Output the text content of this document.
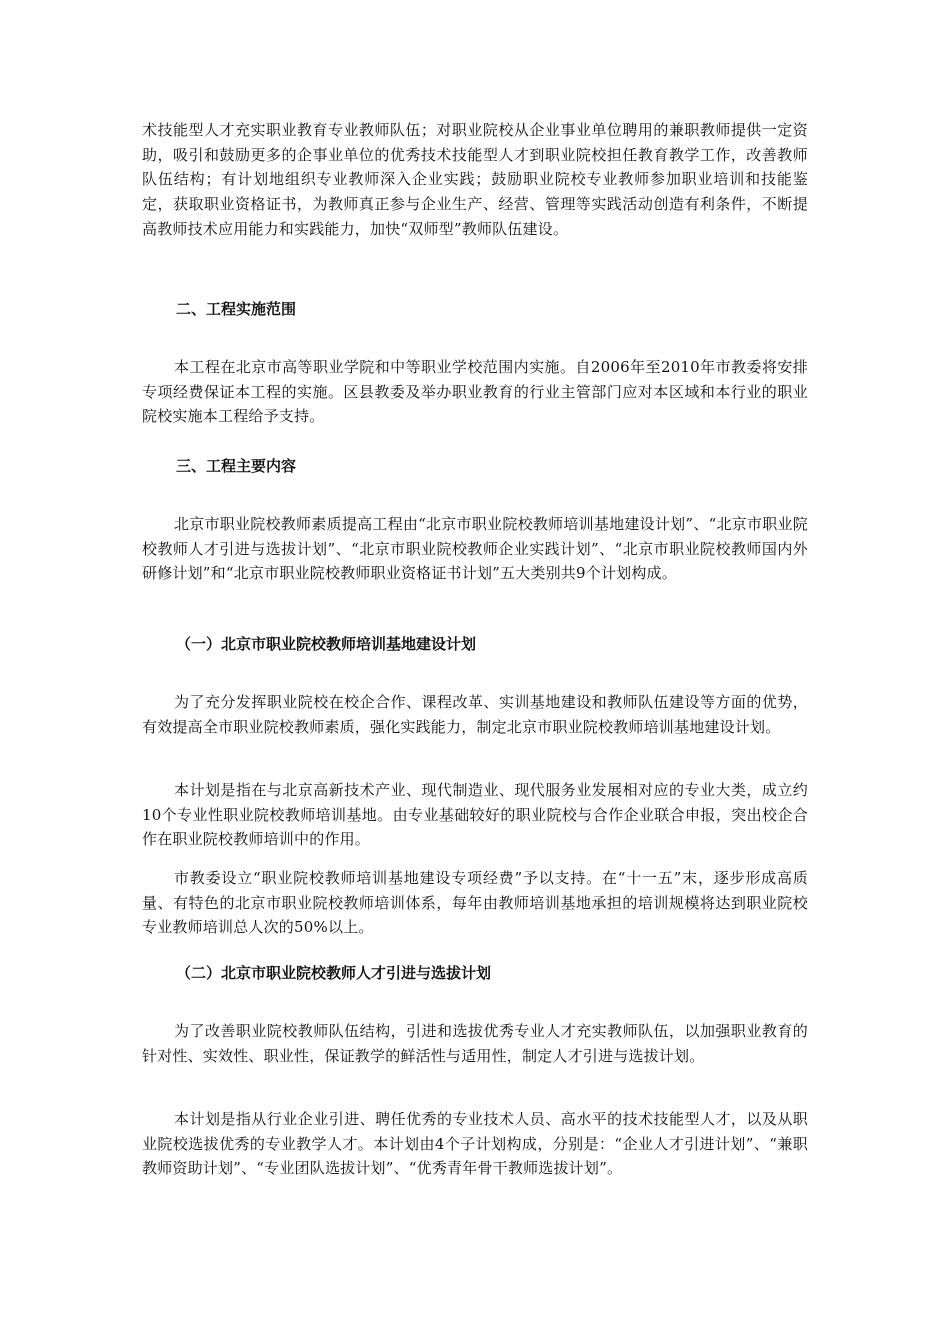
术技能型人才充实职业教育专业教师队伍；对职业院校从企业事业单位聘用的兼职教师提供一定资助，吸引和鼓励更多的企事业单位的优秀技术技能型人才到职业院校担任教育教学工作，改善教师队伍结构；有计划地组织专业教师深入企业实践；鼓励职业院校专业教师参加职业培训和技能鉴定，获取职业资格证书，为教师真正参与企业生产、经营、管理等实践活动创造有利条件，不断提高教师技术应用能力和实践能力，加快“双师型”教师队伍建设。

二、工程实施范围

本工程在北京市高等职业学院和中等职业学校范围内实施。自2006年至2010年市教委将安排专项经费保证本工程的实施。区县教委及举办职业教育的行业主管部门应对本区域和本行业的职业院校实施本工程给予支持。

三、工程主要内容

北京市职业院校教师素质提高工程由“北京市职业院校教师培训基地建设计划”、“北京市职业院校教师人才引进与选拔计划”、“北京市职业院校教师企业实践计划”、“北京市职业院校教师国内外研修计划”和“北京市职业院校教师职业资格证书计划”五大类别共9个计划构成。

（一）北京市职业院校教师培训基地建设计划

为了充分发挥职业院校在校企合作、课程改革、实训基地建设和教师队伍建设等方面的优势，有效提高全市职业院校教师素质，强化实践能力，制定北京市职业院校教师培训基地建设计划。

本计划是指在与北京高新技术产业、现代制造业、现代服务业发展相对应的专业大类，成立约10个专业性职业院校教师培训基地。由专业基础较好的职业院校与合作企业联合申报，突出校企合作在职业院校教师培训中的作用。

市教委设立“职业院校教师培训基地建设专项经费”予以支持。在“十一五”末，逐步形成高质量、有特色的北京市职业院校教师培训体系，每年由教师培训基地承担的培训规模将达到职业院校专业教师培训总人次的50%以上。

（二）北京市职业院校教师人才引进与选拔计划

为了改善职业院校教师队伍结构，引进和选拔优秀专业人才充实教师队伍，以加强职业教育的针对性、实效性、职业性，保证教学的鲜活性与适用性，制定人才引进与选拔计划。

本计划是指从行业企业引进、聘任优秀的专业技术人员、高水平的技术技能型人才，以及从职业院校选拔优秀的专业教学人才。本计划由4个子计划构成，分别是：“企业人才引进计划”、“兼职教师资助计划”、“专业团队选拔计划”、“优秀青年骨干教师选拔计划”。
